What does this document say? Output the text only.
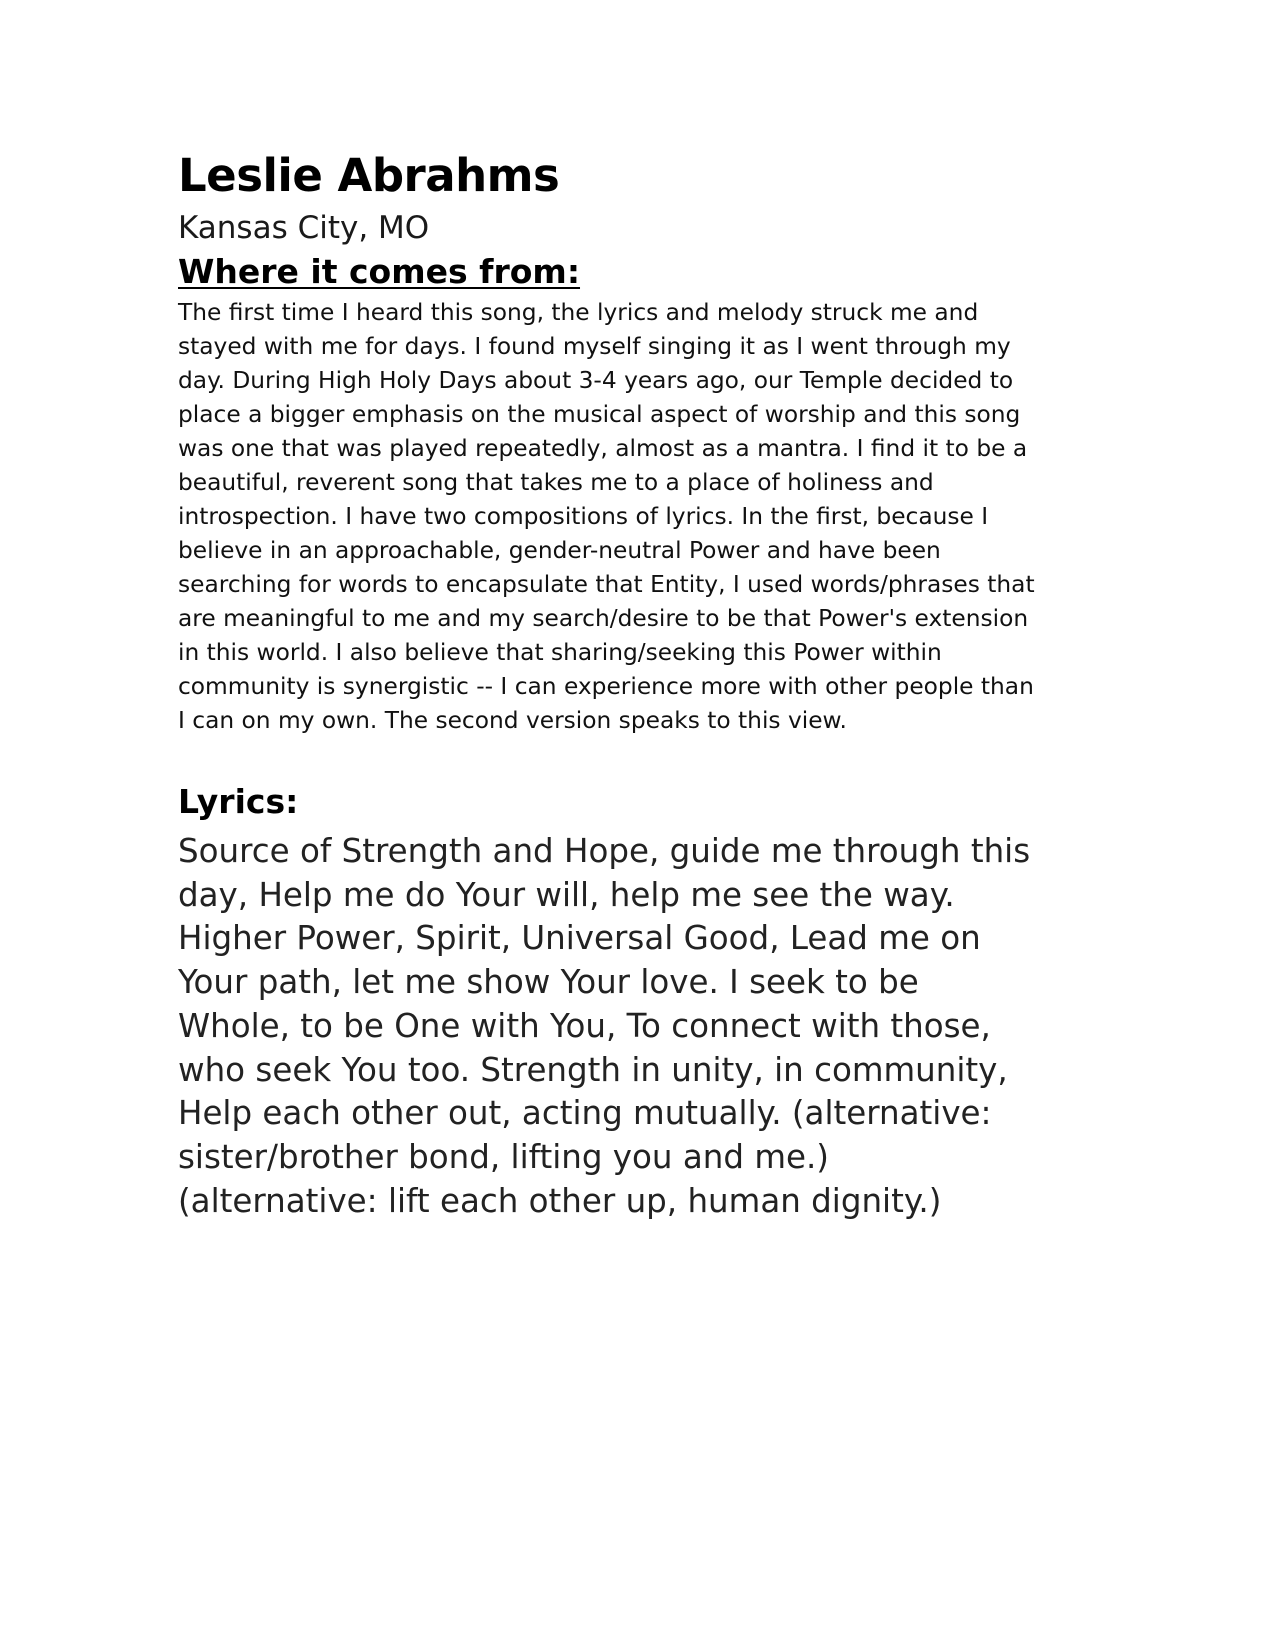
Leslie Abrahms
Kansas City, MO
Where it comes from:

The first time I heard this song, the lyrics and melody struck me and stayed with me for days. I found myself singing it as I went through my day. During High Holy Days about 3-4 years ago, our Temple decided to place a bigger emphasis on the musical aspect of worship and this song was one that was played repeatedly, almost as a mantra. I find it to be a beautiful, reverent song that takes me to a place of holiness and introspection. I have two compositions of lyrics. In the first, because I believe in an approachable, gender-neutral Power and have been searching for words to encapsulate that Entity, I used words/phrases that are meaningful to me and my search/desire to be that Power's extension in this world. I also believe that sharing/seeking this Power within community is synergistic -- I can experience more with other people than I can on my own. The second version speaks to this view.

Lyrics:

Source of Strength and Hope, guide me through this day, Help me do Your will, help me see the way. Higher Power, Spirit, Universal Good, Lead me on Your path, let me show Your love. I seek to be Whole, to be One with You, To connect with those, who seek You too. Strength in unity, in community, Help each other out, acting mutually. (alternative: sister/brother bond, lifting you and me.) (alternative: lift each other up, human dignity.)
